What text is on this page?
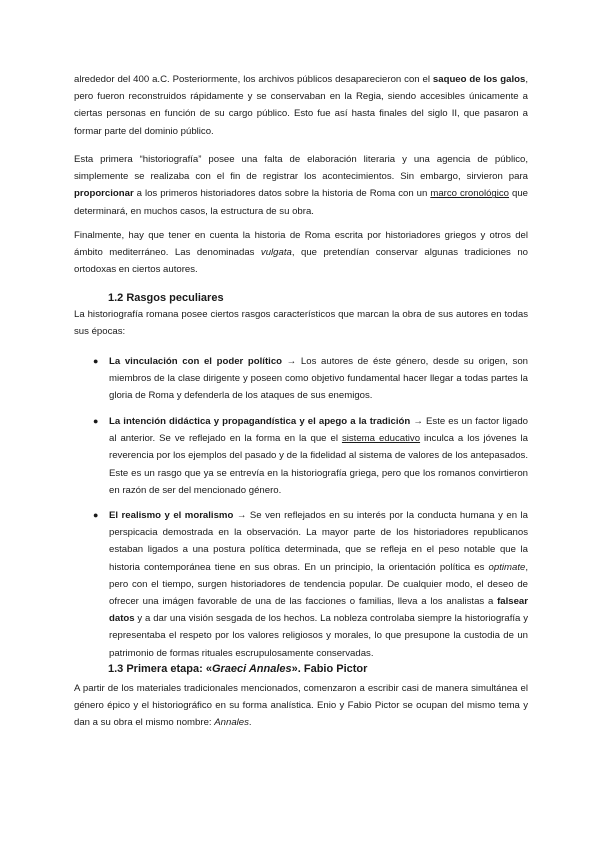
alrededor del 400 a.C. Posteriormente, los archivos públicos desaparecieron con el saqueo de los galos, pero fueron reconstruidos rápidamente y se conservaban en la Regia, siendo accesibles únicamente a ciertas personas en función de su cargo público. Esto fue así hasta finales del siglo II, que pasaron a formar parte del dominio público.

Esta primera “historiografía” posee una falta de elaboración literaria y una agencia de público, simplemente se realizaba con el fin de registrar los acontecimientos. Sin embargo, sirvieron para proporcionar a los primeros historiadores datos sobre la historia de Roma con un marco cronológico que determinará, en muchos casos, la estructura de su obra.

Finalmente, hay que tener en cuenta la historia de Roma escrita por historiadores griegos y otros del ámbito mediterráneo. Las denominadas vulgata, que pretendían conservar algunas tradiciones no ortodoxas en ciertos autores.

1.2 Rasgos peculiares

La historiografía romana posee ciertos rasgos característicos que marcan la obra de sus autores en todas sus épocas:

● La vinculación con el poder político → Los autores de éste género, desde su origen, son miembros de la clase dirigente y poseen como objetivo fundamental hacer llegar a todas partes la gloria de Roma y defenderla de los ataques de sus enemigos.
● La intención didáctica y propagandística y el apego a la tradición → Este es un factor ligado al anterior. Se ve reflejado en la forma en la que el sistema educativo inculca a los jóvenes la reverencia por los ejemplos del pasado y de la fidelidad al sistema de valores de los antepasados. Este es un rasgo que ya se entrevía en la historiografía griega, pero que los romanos convirtieron en razón de ser del mencionado género.
● El realismo y el moralismo → Se ven reflejados en su interés por la conducta humana y en la perspicacia demostrada en la observación. La mayor parte de los historiadores republicanos estaban ligados a una postura política determinada, que se refleja en el peso notable que la historia contemporánea tiene en sus obras. En un principio, la orientación política es optimate, pero con el tiempo, surgen historiadores de tendencia popular. De cualquier modo, el deseo de ofrecer una imágen favorable de una de las facciones o familias, lleva a los analistas a falsear datos y a dar una visión sesgada de los hechos. La nobleza controlaba siempre la historiografía y representaba el respeto por los valores religiosos y morales, lo que presupone la custodia de un patrimonio de formas rituales escrupulosamente conservadas.
1.3 Primera etapa: «Graeci Annales». Fabio Pictor

A partir de los materiales tradicionales mencionados, comenzaron a escribir casi de manera simultánea el género épico y el historiográfico en su forma analística. Enio y Fabio Pictor se ocupan del mismo tema y dan a su obra el mismo nombre: Annales.
